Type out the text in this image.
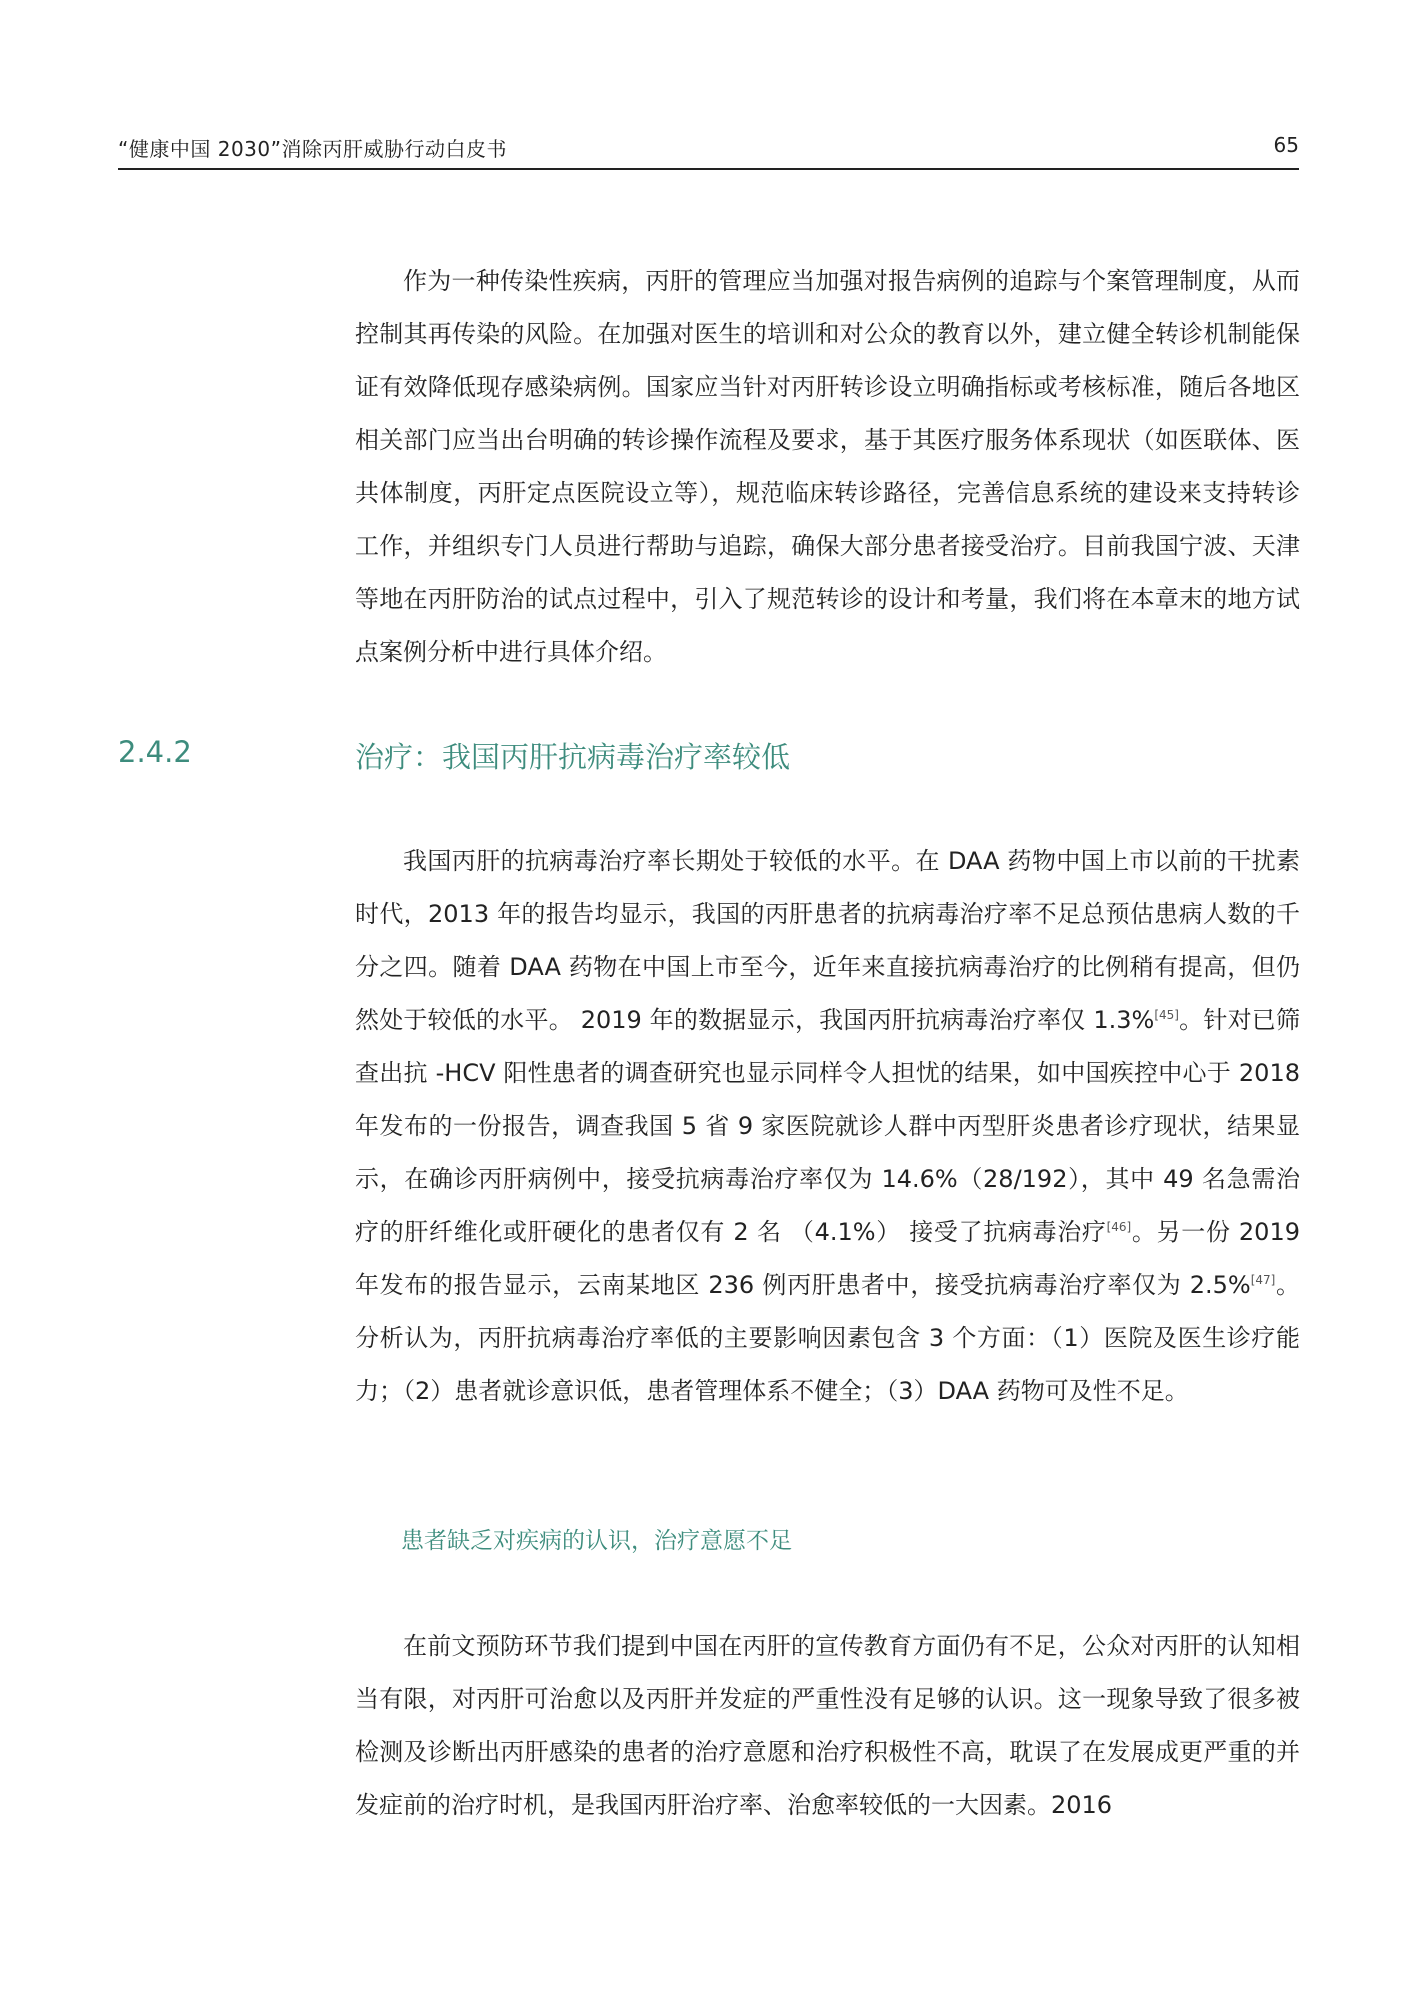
“健康中国 2030”消除丙肝威胁行动白皮书	65

作为一种传染性疾病，丙肝的管理应当加强对报告病例的追踪与个案管理制度，从而控制其再传染的风险。在加强对医生的培训和对公众的教育以外，建立健全转诊机制能保证有效降低现存感染病例。国家应当针对丙肝转诊设立明确指标或考核标准，随后各地区相关部门应当出台明确的转诊操作流程及要求，基于其医疗服务体系现状（如医联体、医共体制度，丙肝定点医院设立等），规范临床转诊路径，完善信息系统的建设来支持转诊工作，并组织专门人员进行帮助与追踪，确保大部分患者接受治疗。目前我国宁波、天津等地在丙肝防治的试点过程中，引入了规范转诊的设计和考量，我们将在本章末的地方试点案例分析中进行具体介绍。

2.4.2	治疗：我国丙肝抗病毒治疗率较低

我国丙肝的抗病毒治疗率长期处于较低的水平。在 DAA 药物中国上市以前的干扰素时代，2013 年的报告均显示，我国的丙肝患者的抗病毒治疗率不足总预估患病人数的千分之四。随着 DAA 药物在中国上市至今，近年来直接抗病毒治疗的比例稍有提高，但仍然处于较低的水平。 2019 年的数据显示，我国丙肝抗病毒治疗率仅 1.3%[45]。针对已筛查出抗 -HCV 阳性患者的调查研究也显示同样令人担忧的结果，如中国疾控中心于 2018 年发布的一份报告，调查我国 5 省 9 家医院就诊人群中丙型肝炎患者诊疗现状，结果显示，在确诊丙肝病例中，接受抗病毒治疗率仅为 14.6%（28/192），其中 49 名急需治疗的肝纤维化或肝硬化的患者仅有 2 名 （4.1%） 接受了抗病毒治疗[46]。另一份 2019 年发布的报告显示，云南某地区 236 例丙肝患者中，接受抗病毒治疗率仅为 2.5%[47]。分析认为，丙肝抗病毒治疗率低的主要影响因素包含 3 个方面：（1）医院及医生诊疗能力；（2）患者就诊意识低，患者管理体系不健全；（3）DAA 药物可及性不足。

患者缺乏对疾病的认识，治疗意愿不足

在前文预防环节我们提到中国在丙肝的宣传教育方面仍有不足，公众对丙肝的认知相当有限，对丙肝可治愈以及丙肝并发症的严重性没有足够的认识。这一现象导致了很多被检测及诊断出丙肝感染的患者的治疗意愿和治疗积极性不高，耽误了在发展成更严重的并发症前的治疗时机，是我国丙肝治疗率、治愈率较低的一大因素。2016
